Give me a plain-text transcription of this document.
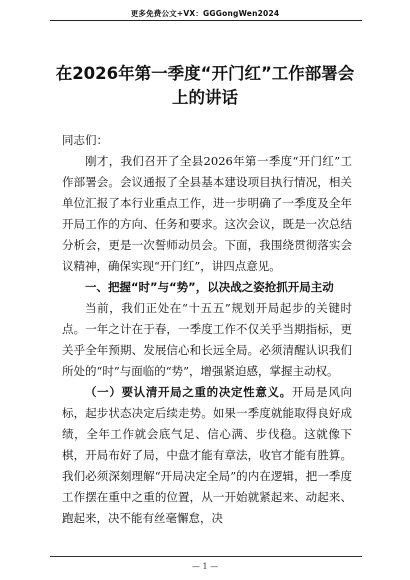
更多免费公文+VX：GGGongWen2024
在2026年第一季度“开门红”工作部署会上的讲话

同志们：

刚才，我们召开了全县2026年第一季度“开门红”工作部署会。会议通报了全县基本建设项目执行情况，相关单位汇报了本行业重点工作，进一步明确了一季度及全年开局工作的方向、任务和要求。这次会议，既是一次总结分析会，更是一次誓师动员会。下面，我围绕贯彻落实会议精神，确保实现“开门红”，讲四点意见。

一、把握“时”与“势”，以决战之姿抢抓开局主动

当前，我们正处在“十五五”规划开局起步的关键时点。一年之计在于春，一季度工作不仅关乎当期指标，更关乎全年预期、发展信心和长远全局。必须清醒认识我们所处的“时”与面临的“势”，增强紧迫感，掌握主动权。

（一）要认清开局之重的决定性意义。开局是风向标，起步状态决定后续走势。如果一季度就能取得良好成绩，全年工作就会底气足、信心满、步伐稳。这就像下棋，开局布好了局，中盘才能有章法，收官才能有胜算。我们必须深刻理解“开局决定全局”的内在逻辑，把一季度工作摆在重中之重的位置，从一开始就紧起来、动起来、跑起来，决不能有丝毫懈怠，决

— 1 —
